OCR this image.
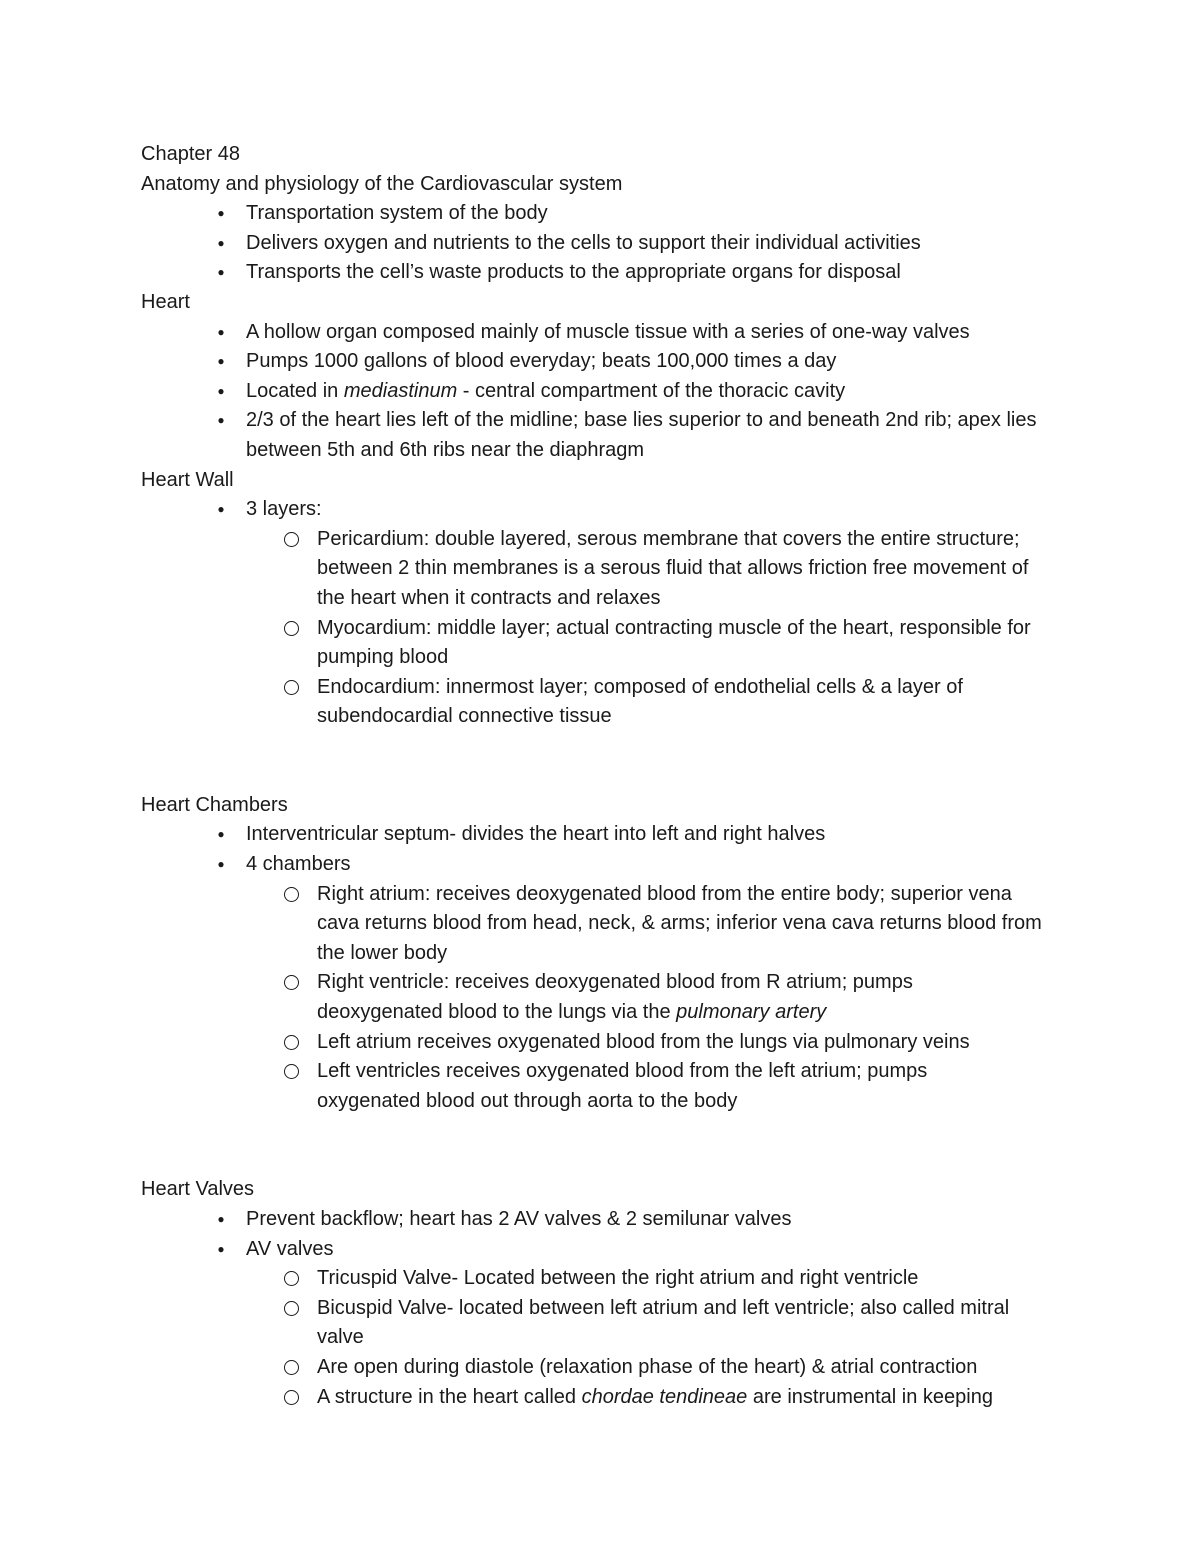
Chapter 48

Anatomy and physiology of the Cardiovascular system

●
Transportation system of the body
●
Delivers oxygen and nutrients to the cells to support their individual activities
●
Transports the cell’s waste products to the appropriate organs for disposal

Heart

●
A hollow organ composed mainly of muscle tissue with a series of one-way valves
●
Pumps 1000 gallons of blood everyday; beats 100,000 times a day
●
Located in mediastinum - central compartment of the thoracic cavity
●
2/3 of the heart lies left of the midline; base lies superior to and beneath 2nd rib; apex lies between 5th and 6th ribs near the diaphragm

Heart Wall

●
3 layers:
Pericardium: double layered, serous membrane that covers the entire structure; between 2 thin membranes is a serous fluid that allows friction free movement of the heart when it contracts and relaxes
Myocardium: middle layer; actual contracting muscle of the heart, responsible for pumping blood
Endocardium: innermost layer; composed of endothelial cells & a layer of subendocardial connective tissue

Heart Chambers

●
Interventricular septum- divides the heart into left and right halves
●
4 chambers
Right atrium: receives deoxygenated blood from the entire body; superior vena cava returns blood from head, neck, & arms; inferior vena cava returns blood from the lower body
Right ventricle: receives deoxygenated blood from R atrium; pumps deoxygenated blood to the lungs via the pulmonary artery
Left atrium receives oxygenated blood from the lungs via pulmonary veins
Left ventricles receives oxygenated blood from the left atrium; pumps oxygenated blood out through aorta to the body

Heart Valves

●
Prevent backflow; heart has 2 AV valves & 2 semilunar valves
●
AV valves
Tricuspid Valve- Located between the right atrium and right ventricle
Bicuspid Valve- located between left atrium and left ventricle; also called mitral valve
Are open during diastole (relaxation phase of the heart) & atrial contraction
A structure in the heart called chordae tendineae are instrumental in keeping
